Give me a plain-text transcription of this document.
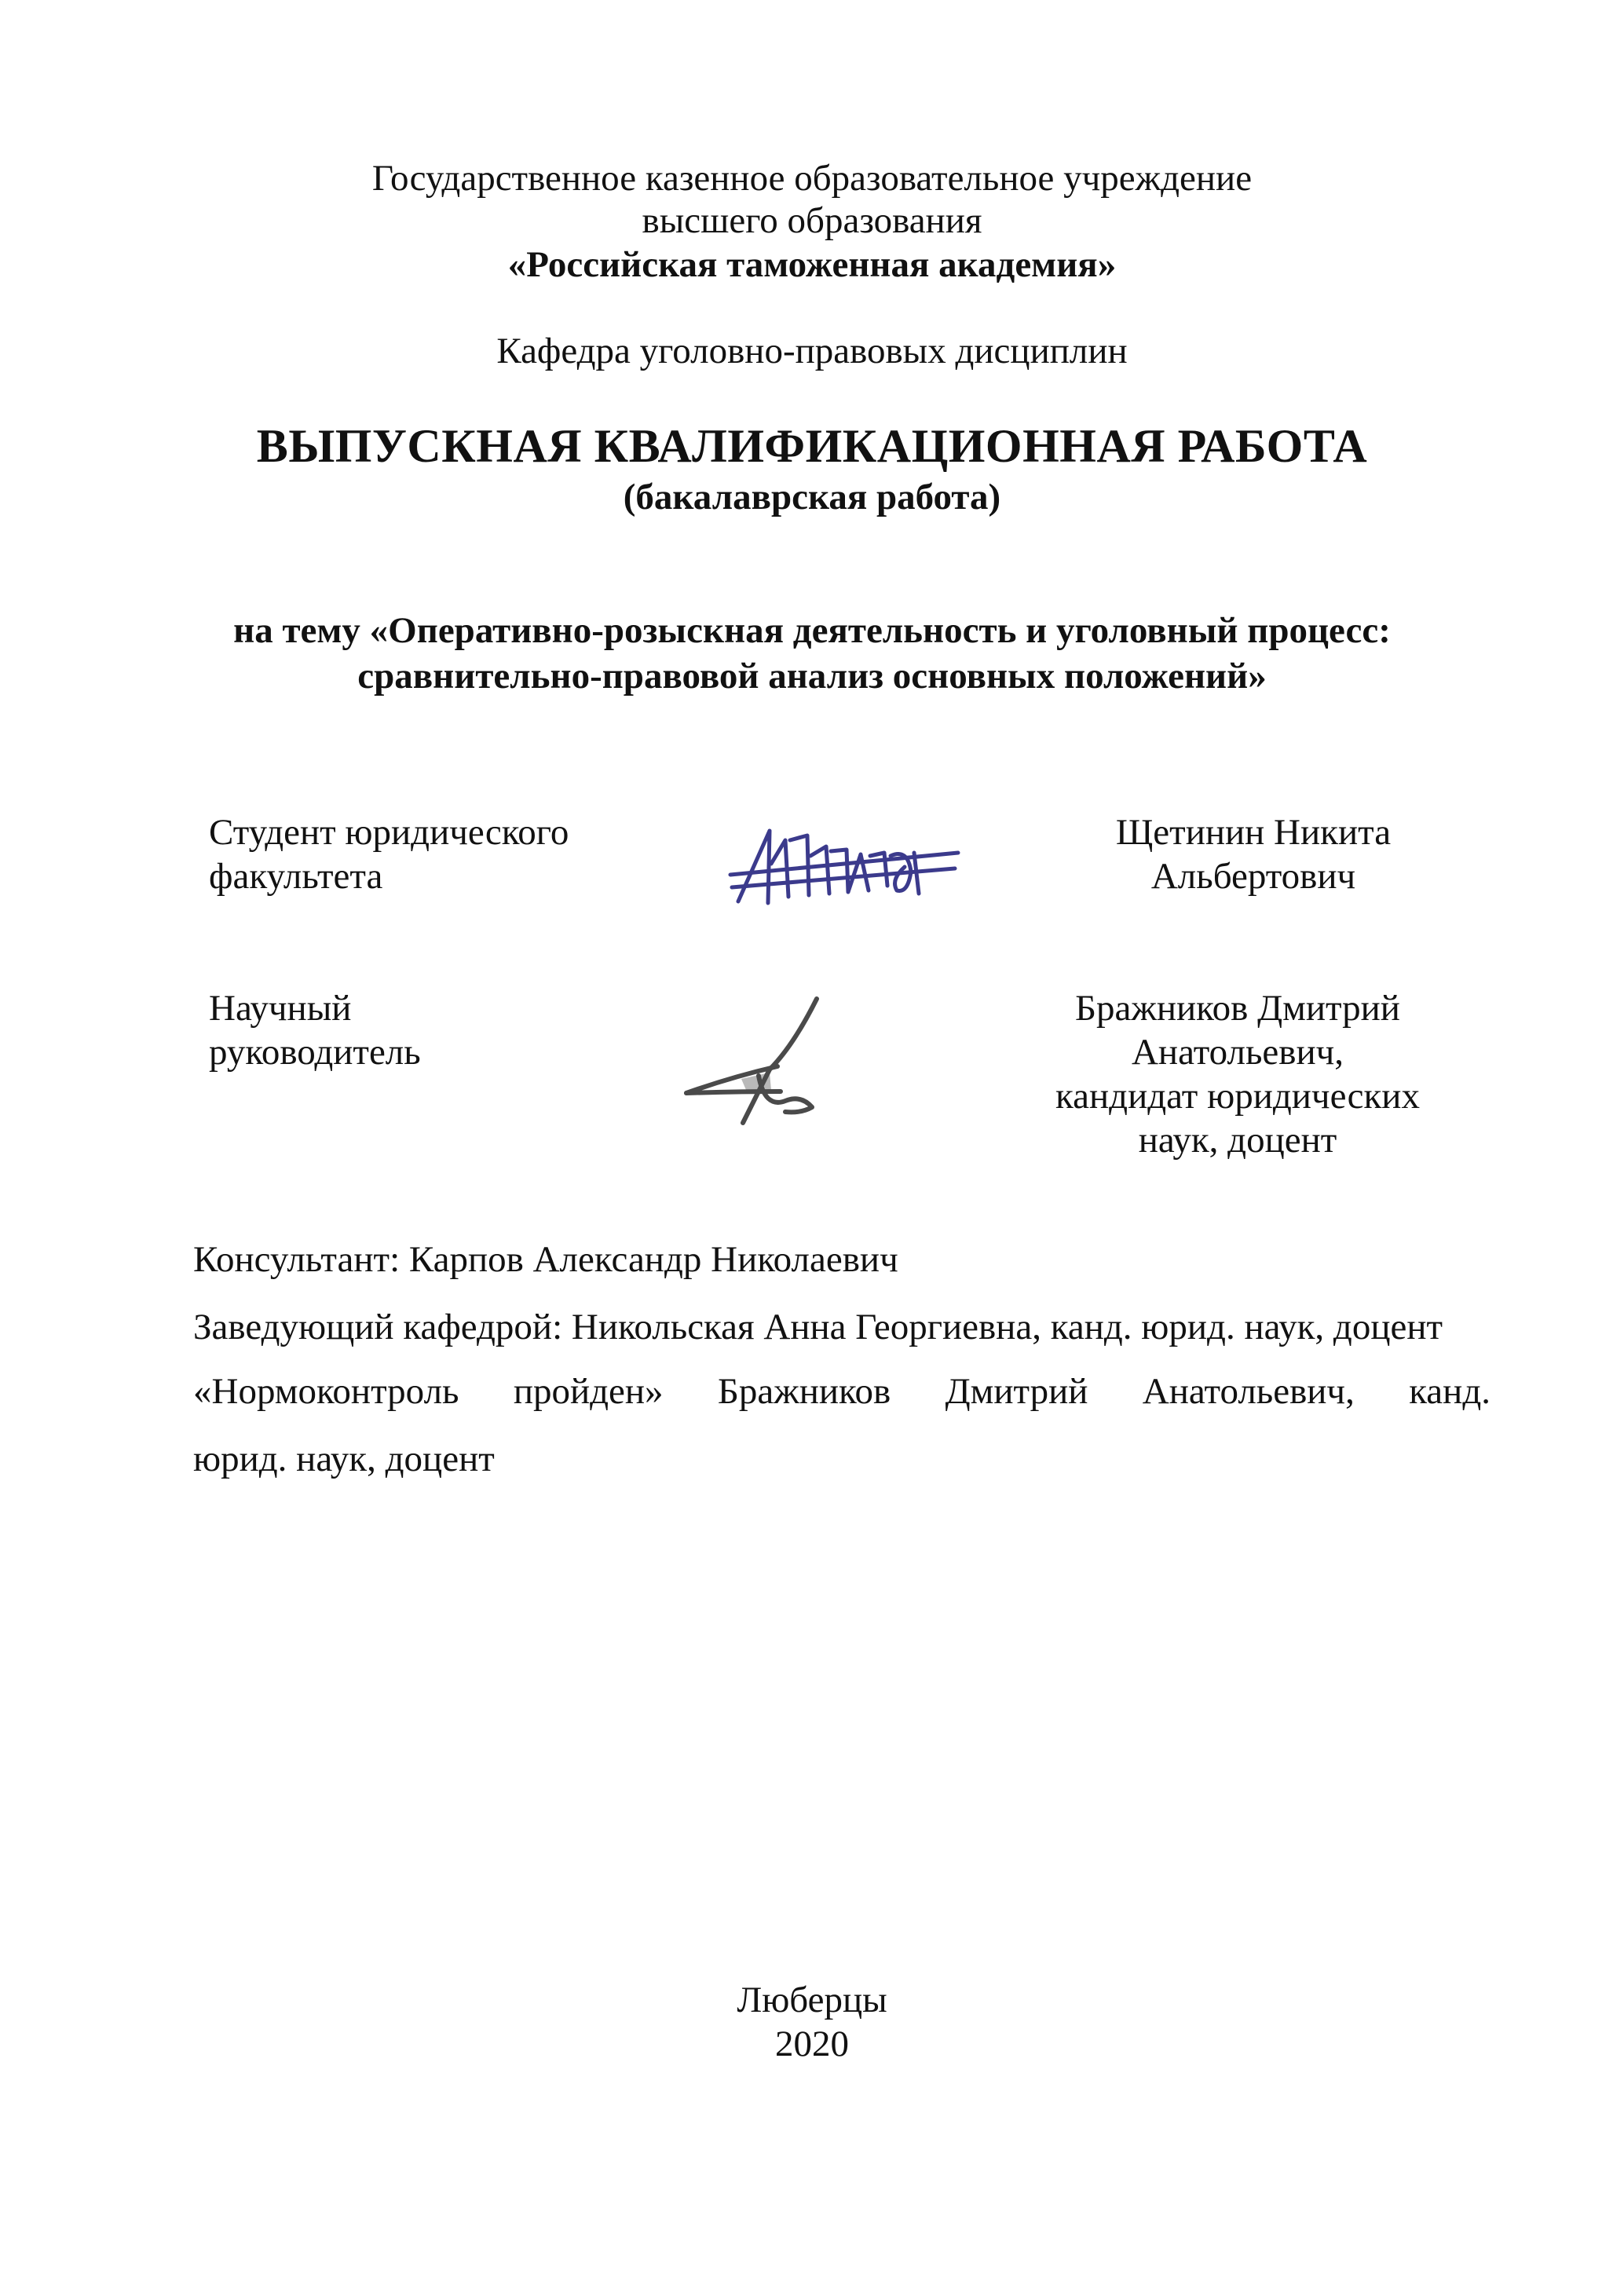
Государственное казенное образовательное учреждение
высшего образования
«Российская таможенная академия»
Кафедра уголовно-правовых дисциплин
ВЫПУСКНАЯ КВАЛИФИКАЦИОННАЯ РАБОТА
(бакалаврская работа)
на тему «Оперативно-розыскная деятельность и уголовный процесс:
сравнительно-правовой анализ основных положений»
Студент юридического
факультета
Щетинин Никита
Альбертович
Научный
руководитель
Бражников Дмитрий
Анатольевич,
кандидат юридических
наук, доцент
Консультант: Карпов Александр Николаевич
Заведующий кафедрой: Никольская Анна Георгиевна, канд. юрид. наук, доцент
«Нормоконтроль пройден» Бражников Дмитрий Анатольевич, канд.
юрид. наук, доцент
Люберцы
2020
